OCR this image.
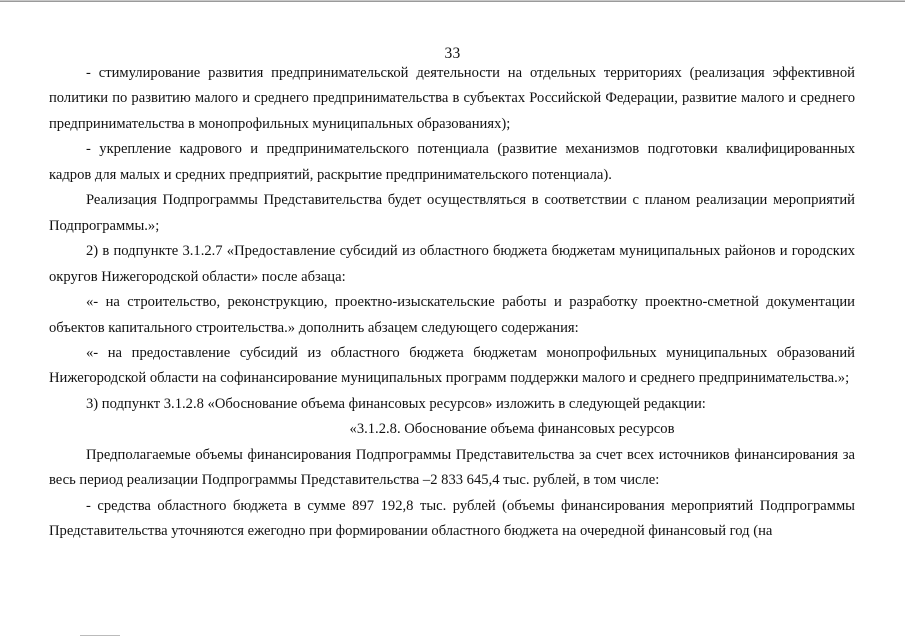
33

- стимулирование развития предпринимательской деятельности на отдельных территориях (реализация эффективной политики по развитию малого и среднего предпринимательства в субъектах Российской Федерации, развитие малого и среднего предпринимательства в монопрофильных муниципальных образованиях);

- укрепление кадрового и предпринимательского потенциала (развитие механизмов подготовки квалифицированных кадров для малых и средних предприятий, раскрытие предпринимательского потенциала).

Реализация Подпрограммы Представительства будет осуществляться в соответствии с планом реализации мероприятий Подпрограммы.»;

2) в подпункте 3.1.2.7 «Предоставление субсидий из областного бюджета бюджетам муниципальных районов и городских округов Нижегородской области» после абзаца:

«- на строительство, реконструкцию, проектно-изыскательские работы и разработку проектно-сметной документации объектов капитального строительства.» дополнить абзацем следующего содержания:

«- на предоставление субсидий из областного бюджета бюджетам монопрофильных муниципальных образований Нижегородской области на софинансирование муниципальных программ поддержки малого и среднего предпринимательства.»;

3) подпункт 3.1.2.8 «Обоснование объема финансовых ресурсов» изложить в следующей редакции:

«3.1.2.8. Обоснование объема финансовых ресурсов

Предполагаемые объемы финансирования Подпрограммы Представительства за счет всех источников финансирования за весь период реализации Подпрограммы Представительства –2 833 645,4 тыс. рублей, в том числе:

- средства областного бюджета в сумме 897 192,8 тыс. рублей (объемы финансирования мероприятий Подпрограммы Представительства уточняются ежегодно при формировании областного бюджета на очередной финансовый год (на
